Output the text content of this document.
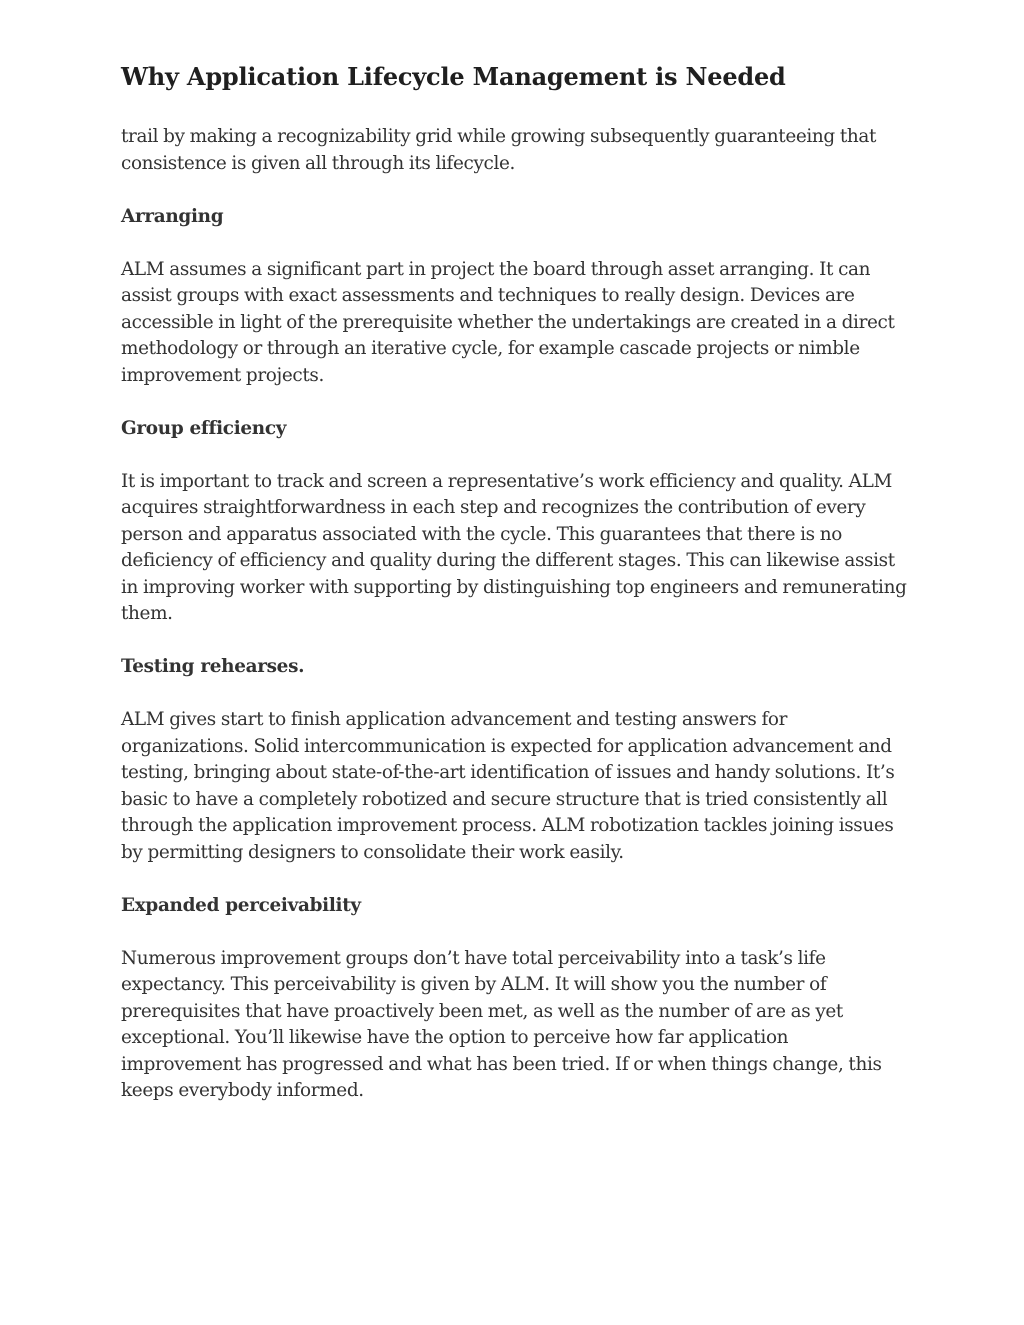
Why Application Lifecycle Management is Needed

trail by making a recognizability grid while growing subsequently guaranteeing that consistence is given all through its lifecycle.

Arranging

ALM assumes a significant part in project the board through asset arranging. It can assist groups with exact assessments and techniques to really design. Devices are accessible in light of the prerequisite whether the undertakings are created in a direct methodology or through an iterative cycle, for example cascade projects or nimble improvement projects.

Group efficiency

It is important to track and screen a representative’s work efficiency and quality. ALM acquires straightforwardness in each step and recognizes the contribution of every person and apparatus associated with the cycle. This guarantees that there is no deficiency of efficiency and quality during the different stages. This can likewise assist in improving worker with supporting by distinguishing top engineers and remunerating them.

Testing rehearses.

ALM gives start to finish application advancement and testing answers for organizations. Solid intercommunication is expected for application advancement and testing, bringing about state-of-the-art identification of issues and handy solutions. It’s basic to have a completely robotized and secure structure that is tried consistently all through the application improvement process. ALM robotization tackles joining issues by permitting designers to consolidate their work easily.

Expanded perceivability

Numerous improvement groups don’t have total perceivability into a task’s life expectancy. This perceivability is given by ALM. It will show you the number of prerequisites that have proactively been met, as well as the number of are as yet exceptional. You’ll likewise have the option to perceive how far application improvement has progressed and what has been tried. If or when things change, this keeps everybody informed.
